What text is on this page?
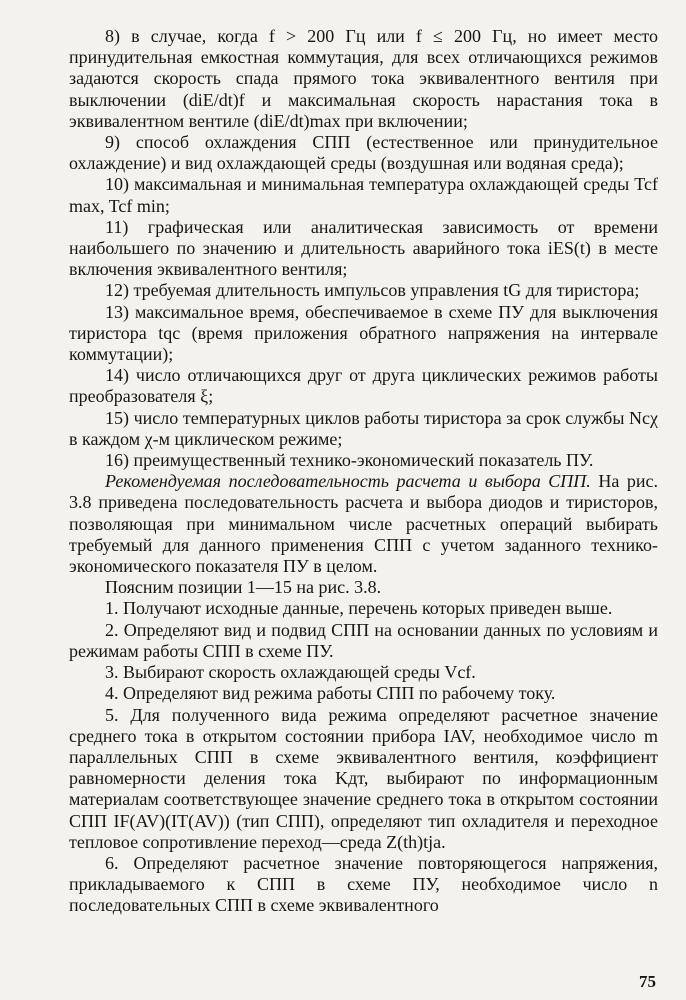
8) в случае, когда f > 200 Гц или f ≤ 200 Гц, но имеет место принудительная емкостная коммутация, для всех отличающихся режимов задаются скорость спада прямого тока эквивалентного вентиля при выключении (diE/dt)f и максимальная скорость нарастания тока в эквивалентном вентиле (diE/dt)max при включении;

9) способ охлаждения СПП (естественное или принудительное охлаждение) и вид охлаждающей среды (воздушная или водяная среда);

10) максимальная и минимальная температура охлаждающей среды Tcf max, Tcf min;

11) графическая или аналитическая зависимость от времени наибольшего по значению и длительность аварийного тока iES(t) в месте включения эквивалентного вентиля;

12) требуемая длительность импульсов управления tG для тиристора;

13) максимальное время, обеспечиваемое в схеме ПУ для выключения тиристора tqc (время приложения обратного напряжения на интервале коммутации);

14) число отличающихся друг от друга циклических режимов работы преобразователя ξ;

15) число температурных циклов работы тиристора за срок службы Ncχ в каждом χ-м циклическом режиме;

16) преимущественный технико-экономический показатель ПУ.

Рекомендуемая последовательность расчета и выбора СПП. На рис. 3.8 приведена последовательность расчета и выбора диодов и тиристоров, позволяющая при минимальном числе расчетных операций выбирать требуемый для данного применения СПП с учетом заданного технико-экономического показателя ПУ в целом.

Поясним позиции 1—15 на рис. 3.8.

1. Получают исходные данные, перечень которых приведен выше.

2. Определяют вид и подвид СПП на основании данных по условиям и режимам работы СПП в схеме ПУ.

3. Выбирают скорость охлаждающей среды Vcf.

4. Определяют вид режима работы СПП по рабочему току.

5. Для полученного вида режима определяют расчетное значение среднего тока в открытом состоянии прибора IAV, необходимое число m параллельных СПП в схеме эквивалентного вентиля, коэффициент равномерности деления тока Kдт, выбирают по информационным материалам соответствующее значение среднего тока в открытом состоянии СПП IF(AV)(IT(AV)) (тип СПП), определяют тип охладителя и переходное тепловое сопротивление переход—среда Z(th)tja.

6. Определяют расчетное значение повторяющегося напряжения, прикладываемого к СПП в схеме ПУ, необходимое число n последовательных СПП в схеме эквивалентного

75
